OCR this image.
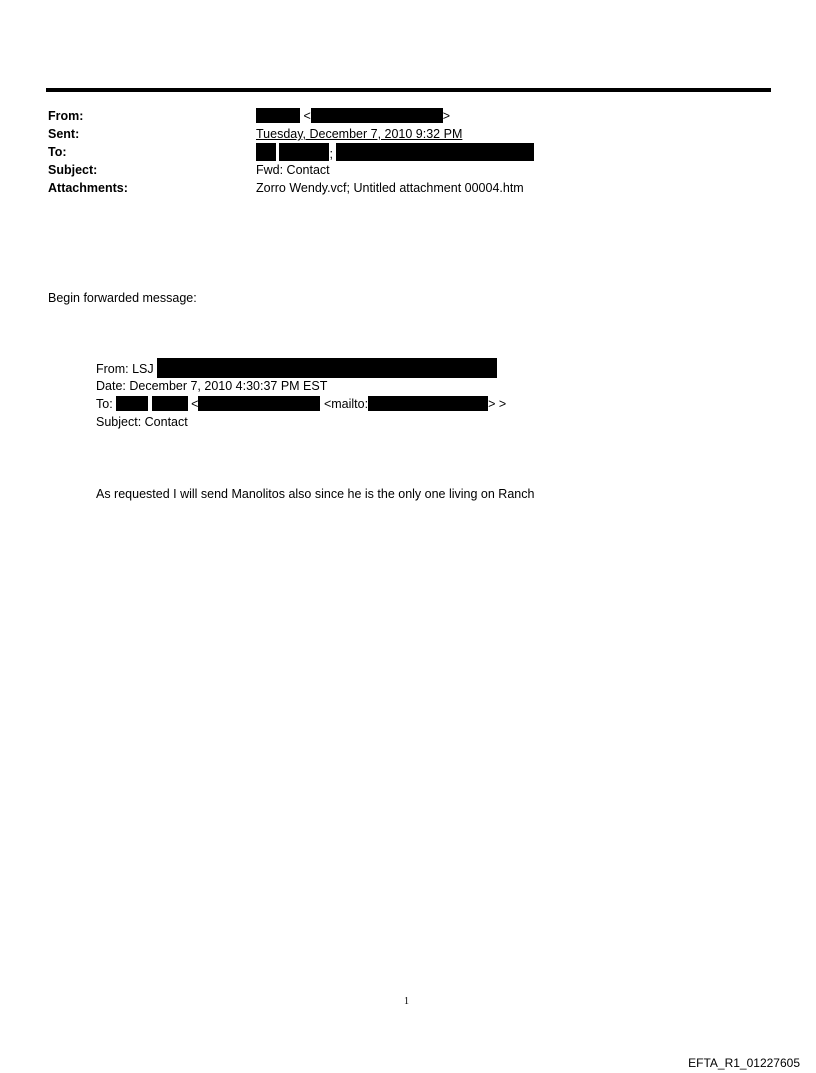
From:	<	>
Sent:	Tuesday, December 7, 2010 9:32 PM
To:	;
Subject:	Fwd: Contact
Attachments:	Zorro Wendy.vcf; Untitled attachment 00004.htm
Begin forwarded message:
From: LSJ
Date: December 7, 2010 4:30:37 PM EST
To:	<	<mailto:	> >
Subject: Contact
As requested I will send Manolitos also since he is the only one living on Ranch
1
EFTA_R1_01227605
